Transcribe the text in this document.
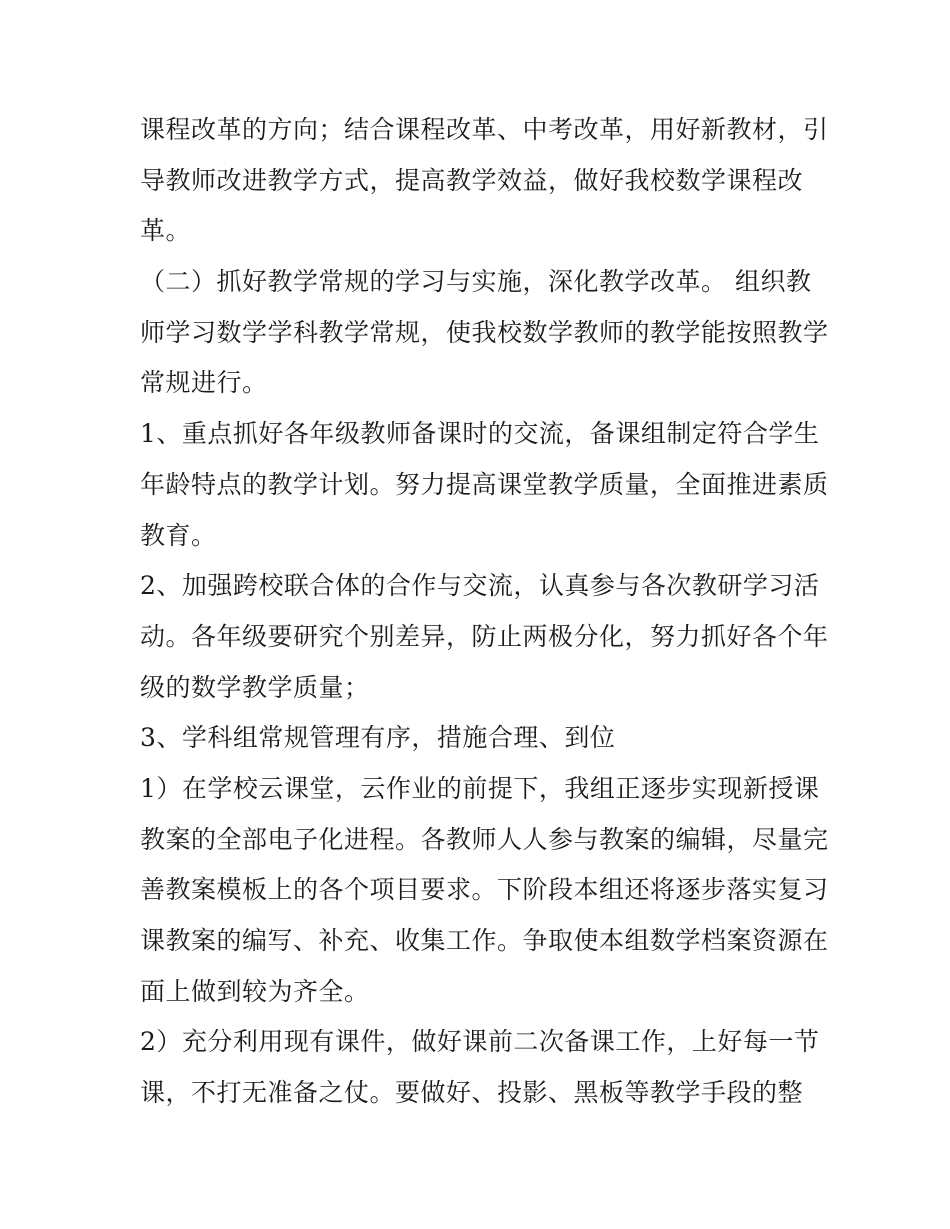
课程改革的方向；结合课程改革、中考改革，用好新教材，引
导教师改进教学方式，提高教学效益，做好我校数学课程改
革。
（二）抓好教学常规的学习与实施，深化教学改革。 组织教
师学习数学学科教学常规，使我校数学教师的教学能按照教学
常规进行。
1、重点抓好各年级教师备课时的交流，备课组制定符合学生
年龄特点的教学计划。努力提高课堂教学质量，全面推进素质
教育。
2、加强跨校联合体的合作与交流，认真参与各次教研学习活
动。各年级要研究个别差异，防止两极分化，努力抓好各个年
级的数学教学质量；
3、学科组常规管理有序，措施合理、到位
1）在学校云课堂，云作业的前提下，我组正逐步实现新授课
教案的全部电子化进程。各教师人人参与教案的编辑，尽量完
善教案模板上的各个项目要求。下阶段本组还将逐步落实复习
课教案的编写、补充、收集工作。争取使本组数学档案资源在
面上做到较为齐全。
2）充分利用现有课件，做好课前二次备课工作，上好每一节
课，不打无准备之仗。要做好、投影、黑板等教学手段的整
